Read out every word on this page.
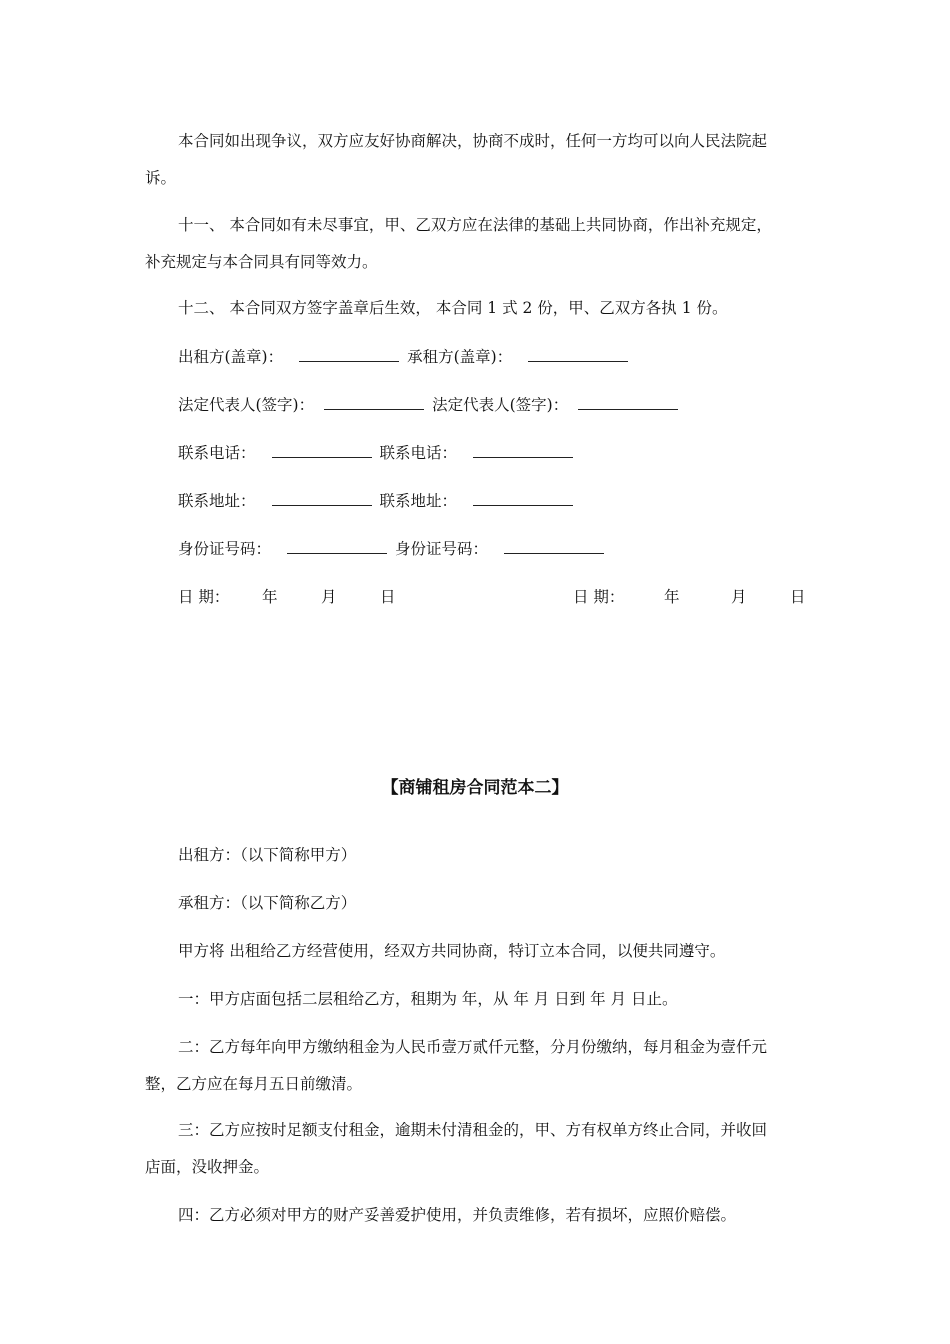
本合同如出现争议，双方应友好协商解决，协商不成时，任何一方均可以向人民法院起
诉。
十一、 本合同如有未尽事宜，甲、乙双方应在法律的基础上共同协商，作出补充规定，
补充规定与本合同具有同等效力。
十二、 本合同双方签字盖章后生效， 本合同 1 式 2 份，甲、乙双方各执 1 份。
出租方(盖章)：	承租方(盖章)：
法定代表人(签字)：	法定代表人(签字)：
联系电话：	联系电话：
联系地址：	联系地址：
身份证号码：	身份证号码：
日 期： 年	月	日	日 期：	年	月	日
【商铺租房合同范本二】
出租方：（以下简称甲方）
承租方：（以下简称乙方）
甲方将 出租给乙方经营使用，经双方共同协商，特订立本合同，以便共同遵守。
一：甲方店面包括二层租给乙方，租期为 年，从 年 月 日到 年 月 日止。
二：乙方每年向甲方缴纳租金为人民币壹万贰仟元整，分月份缴纳，每月租金为壹仟元
整，乙方应在每月五日前缴清。
三：乙方应按时足额支付租金，逾期未付清租金的，甲、方有权单方终止合同，并收回
店面，没收押金。
四：乙方必须对甲方的财产妥善爱护使用，并负责维修，若有损坏，应照价赔偿。
